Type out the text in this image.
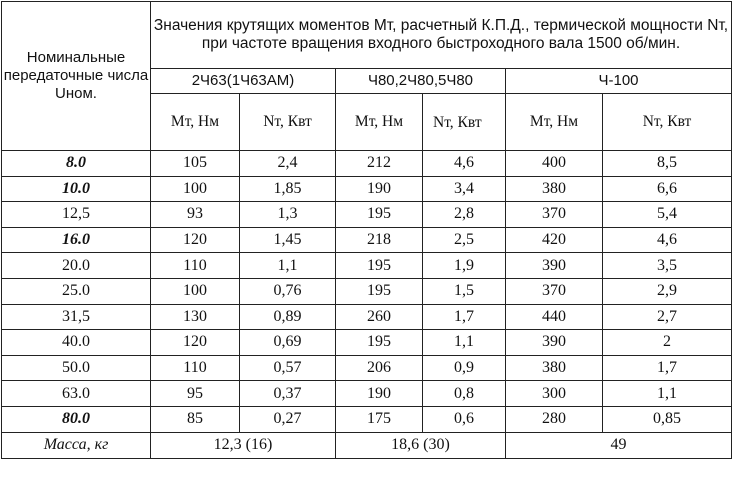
Номинальные передаточные числа Uном.	Значения крутящих моментов Мт, расчетный К.П.Д., термической мощности Nт, при частоте вращения входного быстроходного вала 1500 об/мин.					
	2Ч63(1Ч63АМ)		Ч80,2Ч80,5Ч80		Ч-100	
	Мт, Нм	Nт, Квт	Мт, Нм	Nт, Квт	Мт, Нм	Nт, Квт
8.0	105	2,4	212	4,6	400	8,5
10.0	100	1,85	190	3,4	380	6,6
12,5	93	1,3	195	2,8	370	5,4
16.0	120	1,45	218	2,5	420	4,6
20.0	110	1,1	195	1,9	390	3,5
25.0	100	0,76	195	1,5	370	2,9
31,5	130	0,89	260	1,7	440	2,7
40.0	120	0,69	195	1,1	390	2
50.0	110	0,57	206	0,9	380	1,7
63.0	95	0,37	190	0,8	300	1,1
80.0	85	0,27	175	0,6	280	0,85
Масса, кг	12,3 (16)		18,6 (30)		49	
